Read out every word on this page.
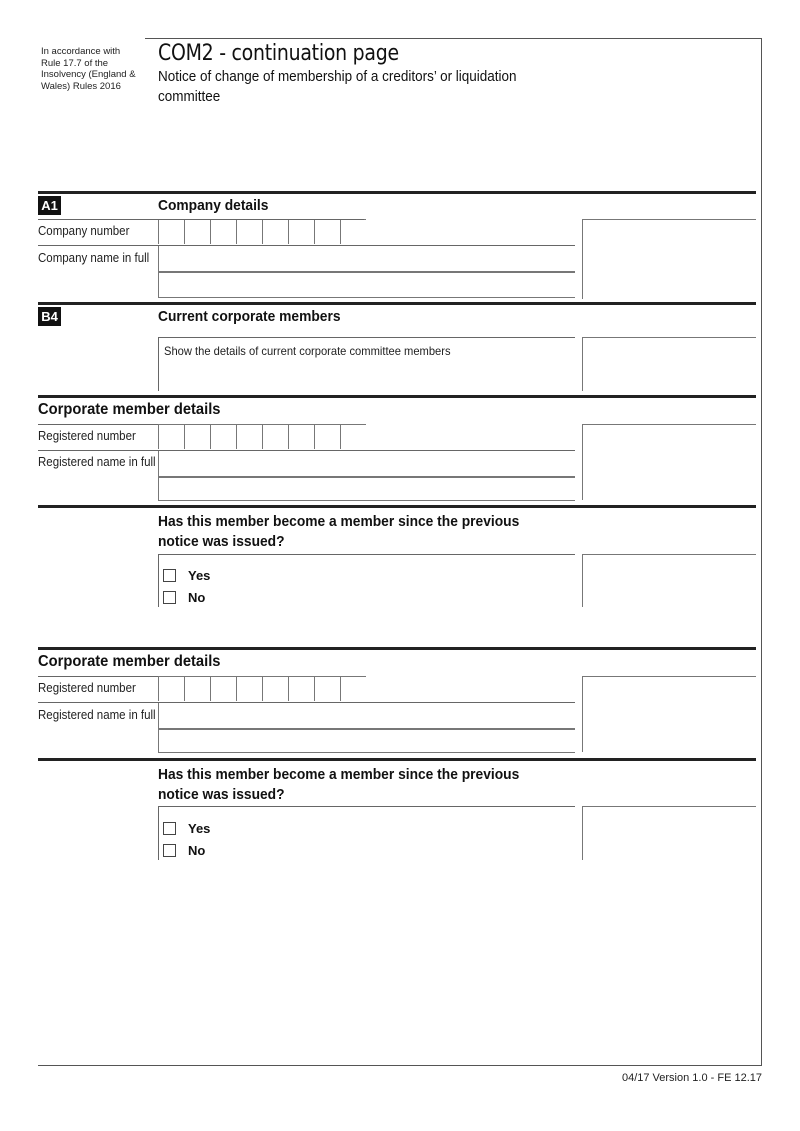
In accordance with Rule 17.7 of the Insolvency (England & Wales) Rules 2016
COM2 - continuation page
Notice of change of membership of a creditors’ or liquidation committee
A1	Company details
Company number
Company name in full
B4	Current corporate members
Show the details of current corporate committee members
Corporate member details
Registered number
Registered name in full
Has this member become a member since the previous notice was issued?
Yes
No
Corporate member details
Registered number
Registered name in full
Has this member become a member since the previous notice was issued?
Yes
No
04/17 Version 1.0 - FE 12.17
